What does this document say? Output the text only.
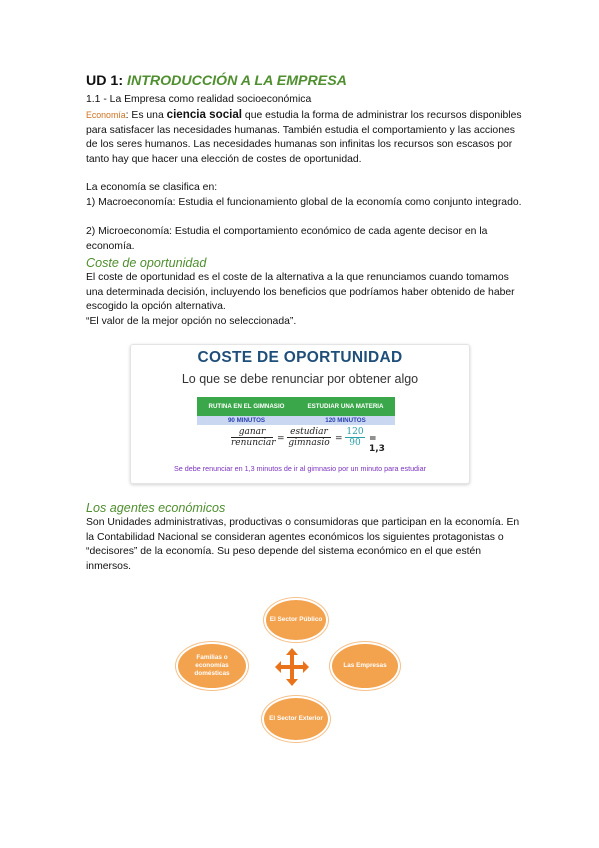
UD 1: INTRODUCCIÓN A LA EMPRESA

1.1 - La Empresa como realidad socioeconómica

Economía: Es una ciencia social que estudia la forma de administrar los recursos disponibles para satisfacer las necesidades humanas. También estudia el comportamiento y las acciones de los seres humanos. Las necesidades humanas son infinitas los recursos son escasos por tanto hay que hacer una elección de costes de oportunidad.

La economía se clasifica en:

1) Macroeconomía: Estudia el funcionamiento global de la economía como conjunto integrado.

2) Microeconomía: Estudia el comportamiento económico de cada agente decisor en la economía.

Coste de oportunidad

El coste de oportunidad es el coste de la alternativa a la que renunciamos cuando tomamos una determinada decisión, incluyendo los beneficios que podríamos haber obtenido de haber escogido la opción alternativa.

“El valor de la mejor opción no seleccionada”.

COSTE DE OPORTUNIDAD
Lo que se debe renunciar por obtener algo
RUTINA EN EL GIMNASIO	ESTUDIAR UNA MATERIA
90 MINUTOS	120 MINUTOS
ganar
renunciar =
estudiar
gimnasio = $\frac{120}{90} = 1,3$
Se debe renunciar en 1,3 minutos de ir al gimnasio por un minuto para estudiar

Los agentes económicos

Son Unidades administrativas, productivas o consumidoras que participan en la economía. En la Contabilidad Nacional se consideran agentes económicos los siguientes protagonistas o “decisores” de la economía. Su peso depende del sistema económico en el que estén inmersos.

El Sector Público
Familias o economías domésticas
Las Empresas
El Sector Exterior
